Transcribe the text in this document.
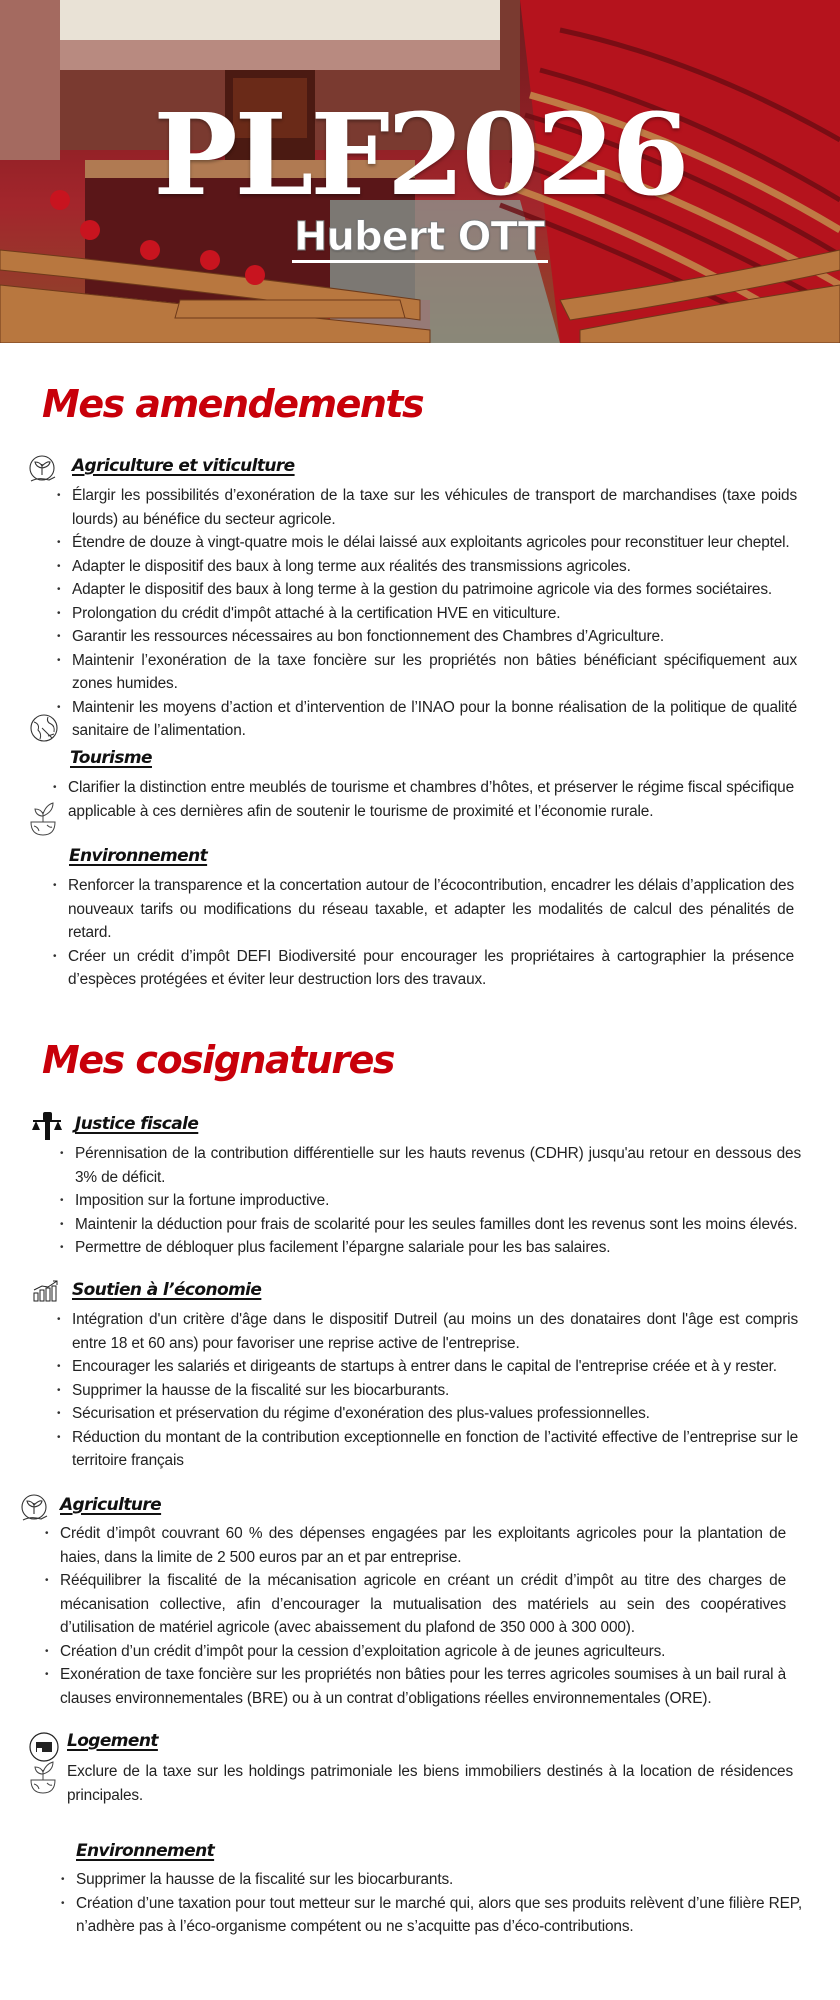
PLF2026
Hubert OTT
Mes amendements
Agriculture et viticulture
• Élargir les possibilités d’exonération de la taxe sur les véhicules de transport de marchandises (taxe poids lourds) au bénéfice du secteur agricole.
• Étendre de douze à vingt-quatre mois le délai laissé aux exploitants agricoles pour reconstituer leur cheptel.
• Adapter le dispositif des baux à long terme aux réalités des transmissions agricoles.
• Adapter le dispositif des baux à long terme à la gestion du patrimoine agricole via des formes sociétaires.
• Prolongation du crédit d'impôt attaché à la certification HVE en viticulture.
• Garantir les ressources nécessaires au bon fonctionnement des Chambres d’Agriculture.
• Maintenir l’exonération de la taxe foncière sur les propriétés non bâties bénéficiant spécifiquement aux zones humides.
• Maintenir les moyens d’action et d’intervention de l’INAO pour la bonne réalisation de la politique de qualité sanitaire de l’alimentation.
Tourisme
• Clarifier la distinction entre meublés de tourisme et chambres d’hôtes, et préserver le régime fiscal spécifique applicable à ces dernières afin de soutenir le tourisme de proximité et l’économie rurale.
Environnement
• Renforcer la transparence et la concertation autour de l’écocontribution, encadrer les délais d’application des nouveaux tarifs ou modifications du réseau taxable, et adapter les modalités de calcul des pénalités de retard.
• Créer un crédit d’impôt DEFI Biodiversité pour encourager les propriétaires à cartographier la présence d’espèces protégées et éviter leur destruction lors des travaux.
Mes cosignatures
Justice fiscale
• Pérennisation de la contribution différentielle sur les hauts revenus (CDHR) jusqu'au retour en dessous des 3% de déficit.
• Imposition sur la fortune improductive.
• Maintenir la déduction pour frais de scolarité pour les seules familles dont les revenus sont les moins élevés.
• Permettre de débloquer plus facilement l’épargne salariale pour les bas salaires.
Soutien à l’économie
• Intégration d'un critère d'âge dans le dispositif Dutreil (au moins un des donataires dont l'âge est compris entre 18 et 60 ans) pour favoriser une reprise active de l'entreprise.
• Encourager les salariés et dirigeants de startups à entrer dans le capital de l'entreprise créée et à y rester.
• Supprimer la hausse de la fiscalité sur les biocarburants.
• Sécurisation et préservation du régime d'exonération des plus-values professionnelles.
• Réduction du montant de la contribution exceptionnelle en fonction de l’activité effective de l’entreprise sur le territoire français
Agriculture
• Crédit d’impôt couvrant 60 % des dépenses engagées par les exploitants agricoles pour la plantation de haies, dans la limite de 2 500 euros par an et par entreprise.
• Rééquilibrer la fiscalité de la mécanisation agricole en créant un crédit d’impôt au titre des charges de mécanisation collective, afin d’encourager la mutualisation des matériels au sein des coopératives d’utilisation de matériel agricole (avec abaissement du plafond de 350 000 à 300 000).
• Création d’un crédit d’impôt pour la cession d’exploitation agricole à de jeunes agriculteurs.
• Exonération de taxe foncière sur les propriétés non bâties pour les terres agricoles soumises à un bail rural à clauses environnementales (BRE) ou à un contrat d’obligations réelles environnementales (ORE).
Logement

Exclure de la taxe sur les holdings patrimoniale les biens immobiliers destinés à la location de résidences principales.

Environnement
• Supprimer la hausse de la fiscalité sur les biocarburants.
• Création d’une taxation pour tout metteur sur le marché qui, alors que ses produits relèvent d’une filière REP, n’adhère pas à l’éco-organisme compétent ou ne s’acquitte pas d’éco-contributions.
